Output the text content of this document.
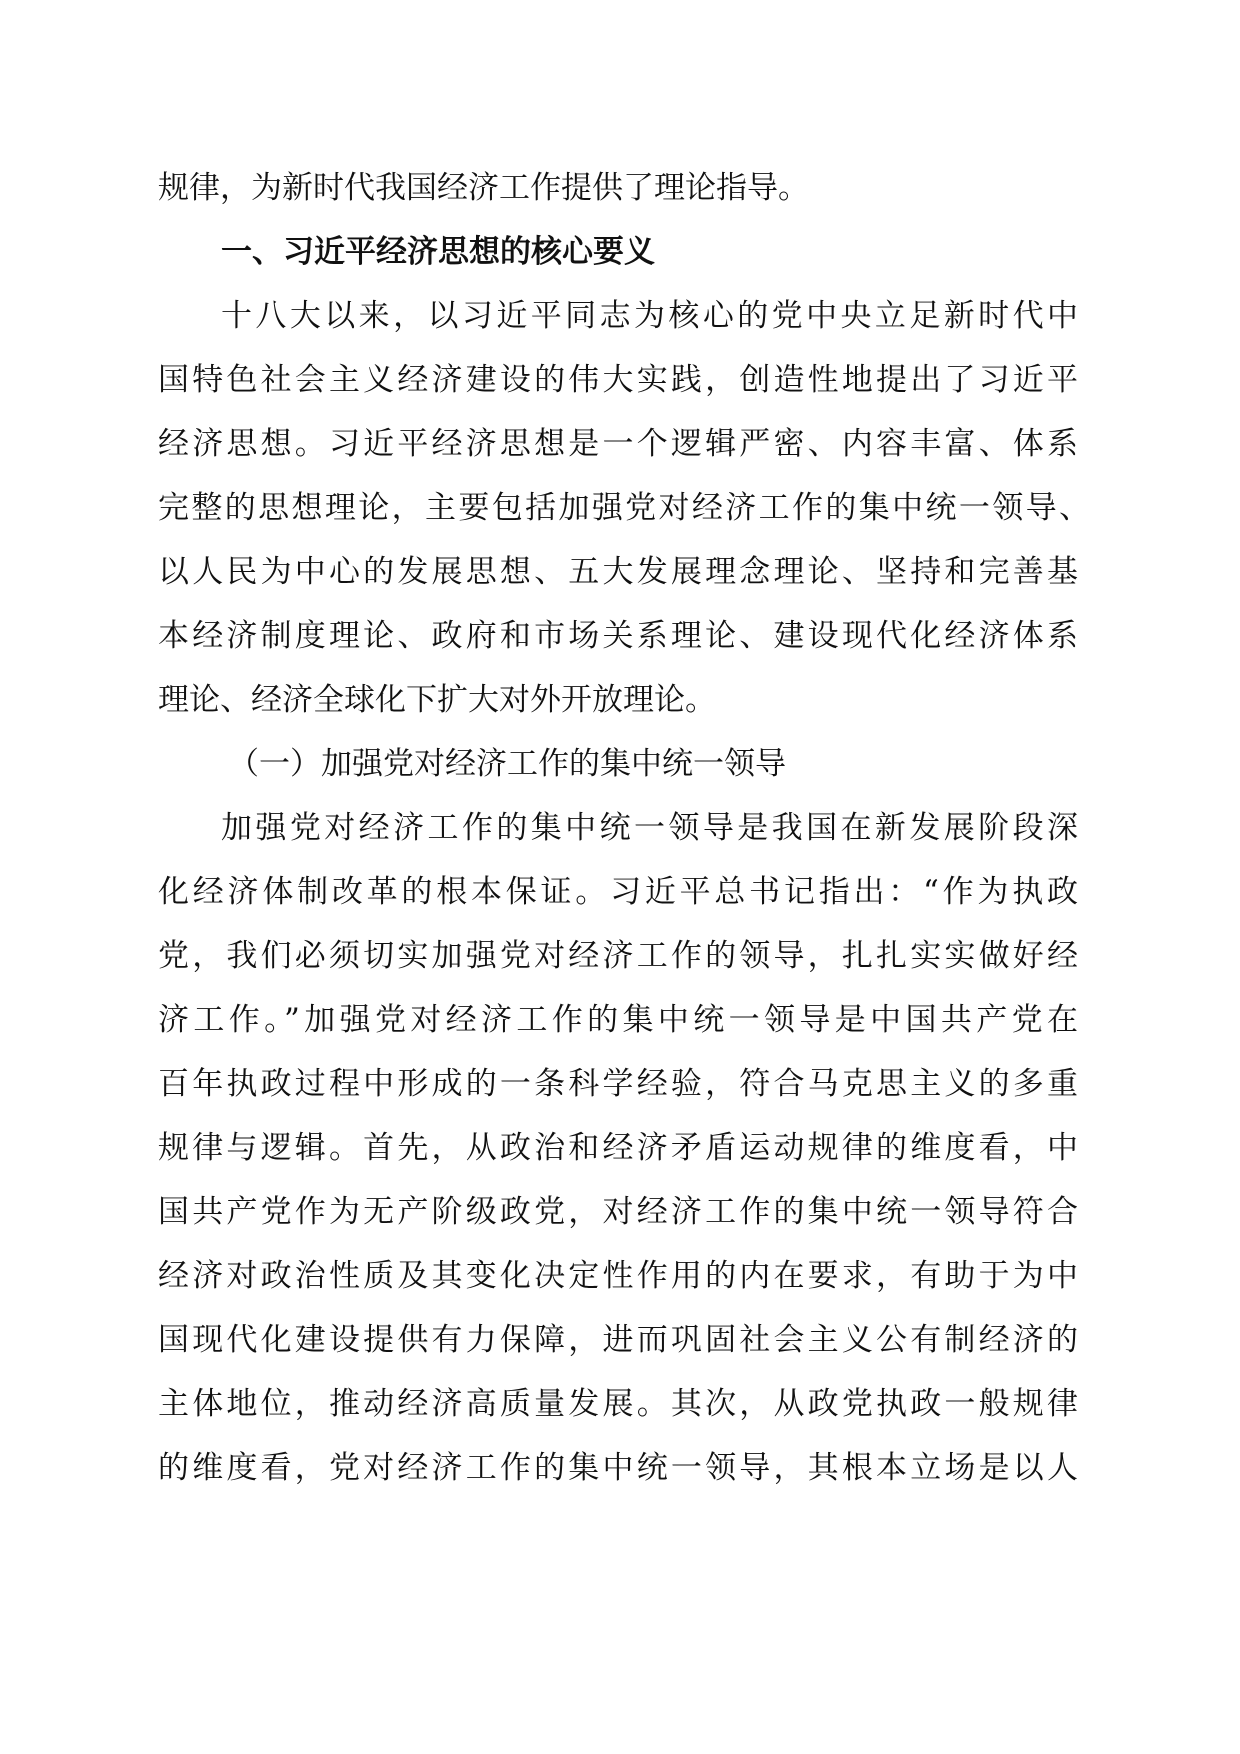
规律，为新时代我国经济工作提供了理论指导。
一、习近平经济思想的核心要义
十八大以来，以习近平同志为核心的党中央立足新时代中
国特色社会主义经济建设的伟大实践，创造性地提出了习近平
经济思想。习近平经济思想是一个逻辑严密、内容丰富、体系
完整的思想理论，主要包括加强党对经济工作的集中统一领导、
以人民为中心的发展思想、五大发展理念理论、坚持和完善基
本经济制度理论、政府和市场关系理论、建设现代化经济体系
理论、经济全球化下扩大对外开放理论。
（一）加强党对经济工作的集中统一领导
加强党对经济工作的集中统一领导是我国在新发展阶段深
化经济体制改革的根本保证。习近平总书记指出：“作为执政
党，我们必须切实加强党对经济工作的领导，扎扎实实做好经
济工作。”加强党对经济工作的集中统一领导是中国共产党在
百年执政过程中形成的一条科学经验，符合马克思主义的多重
规律与逻辑。首先，从政治和经济矛盾运动规律的维度看，中
国共产党作为无产阶级政党，对经济工作的集中统一领导符合
经济对政治性质及其变化决定性作用的内在要求，有助于为中
国现代化建设提供有力保障，进而巩固社会主义公有制经济的
主体地位，推动经济高质量发展。其次，从政党执政一般规律
的维度看，党对经济工作的集中统一领导，其根本立场是以人
